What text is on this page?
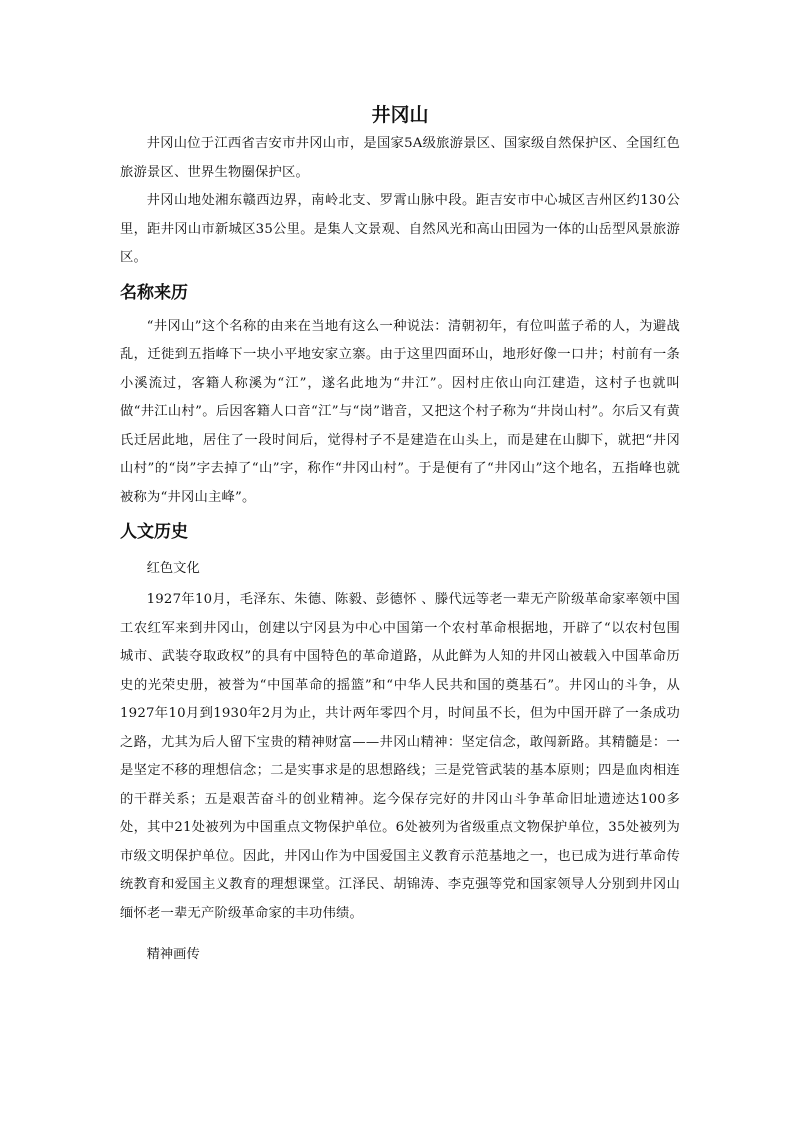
井冈山

井冈山位于江西省吉安市井冈山市，是国家5A级旅游景区、国家级自然保护区、全国红色旅游景区、世界生物圈保护区。

井冈山地处湘东赣西边界，南岭北支、罗霄山脉中段。距吉安市中心城区吉州区约130公里，距井冈山市新城区35公里。是集人文景观、自然风光和高山田园为一体的山岳型风景旅游区。

名称来历

“井冈山”这个名称的由来在当地有这么一种说法：清朝初年，有位叫蓝子希的人，为避战乱，迁徙到五指峰下一块小平地安家立寨。由于这里四面环山，地形好像一口井；村前有一条小溪流过，客籍人称溪为“江”，遂名此地为“井江”。因村庄依山向江建造，这村子也就叫做“井江山村”。后因客籍人口音“江”与“岗”谐音，又把这个村子称为“井岗山村”。尔后又有黄氏迁居此地，居住了一段时间后，觉得村子不是建造在山头上，而是建在山脚下，就把“井冈山村”的“岗”字去掉了“山”字，称作“井冈山村”。于是便有了“井冈山”这个地名，五指峰也就被称为“井冈山主峰”。

人文历史

红色文化

1927年10月，毛泽东、朱德、陈毅、彭德怀 、滕代远等老一辈无产阶级革命家率领中国工农红军来到井冈山，创建以宁冈县为中心中国第一个农村革命根据地，开辟了“以农村包围城市、武装夺取政权”的具有中国特色的革命道路，从此鲜为人知的井冈山被载入中国革命历史的光荣史册，被誉为“中国革命的摇篮”和“中华人民共和国的奠基石”。井冈山的斗争，从1927年10月到1930年2月为止，共计两年零四个月，时间虽不长，但为中国开辟了一条成功之路，尤其为后人留下宝贵的精神财富——井冈山精神：坚定信念，敢闯新路。其精髓是：一是坚定不移的理想信念；二是实事求是的思想路线；三是党管武装的基本原则；四是血肉相连的干群关系；五是艰苦奋斗的创业精神。迄今保存完好的井冈山斗争革命旧址遗迹达100多处，其中21处被列为中国重点文物保护单位。6处被列为省级重点文物保护单位，35处被列为市级文明保护单位。因此，井冈山作为中国爱国主义教育示范基地之一，也已成为进行革命传统教育和爱国主义教育的理想课堂。江泽民、胡锦涛、李克强等党和国家领导人分别到井冈山缅怀老一辈无产阶级革命家的丰功伟绩。

精神画传
